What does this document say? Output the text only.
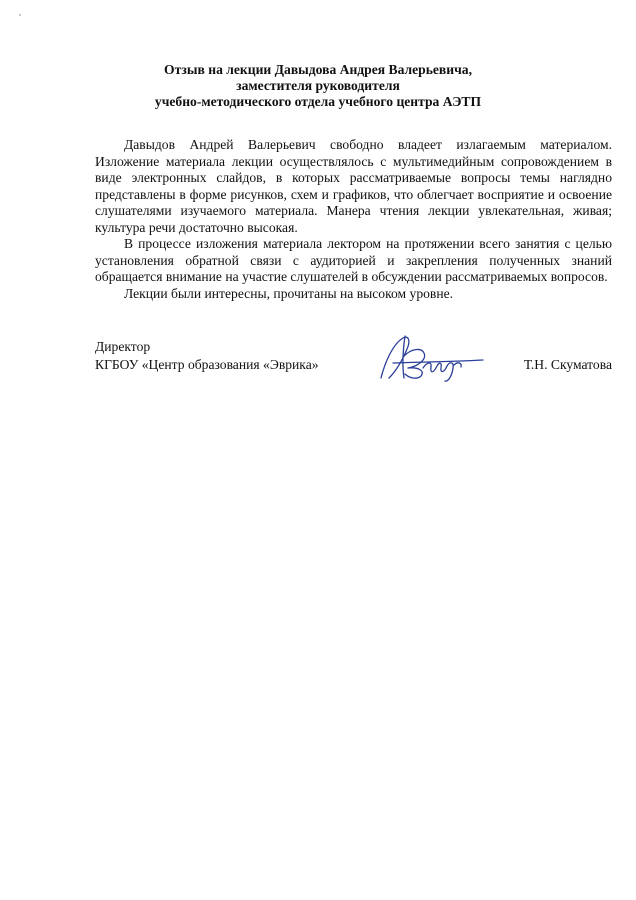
Отзыв на лекции Давыдова Андрея Валерьевича,
заместителя руководителя
учебно-методического отдела учебного центра АЭТП

Давыдов Андрей Валерьевич свободно владеет излагаемым материалом. Изложение материала лекции осуществлялось с мультимедийным сопровождением в виде электронных слайдов, в которых рассматриваемые вопросы темы наглядно представлены в форме рисунков, схем и графиков, что облегчает восприятие и освоение слушателями изучаемого материала. Манера чтения лекции увлекательная, живая; культура речи достаточно высокая.

В процессе изложения материала лектором на протяжении всего занятия с целью установления обратной связи с аудиторией и закрепления полученных знаний обращается внимание на участие слушателей в обсуждении рассматриваемых вопросов.

Лекции были интересны, прочитаны на высоком уровне.

Директор
КГБОУ «Центр образования «Эврика»	Т.Н. Скуматова
